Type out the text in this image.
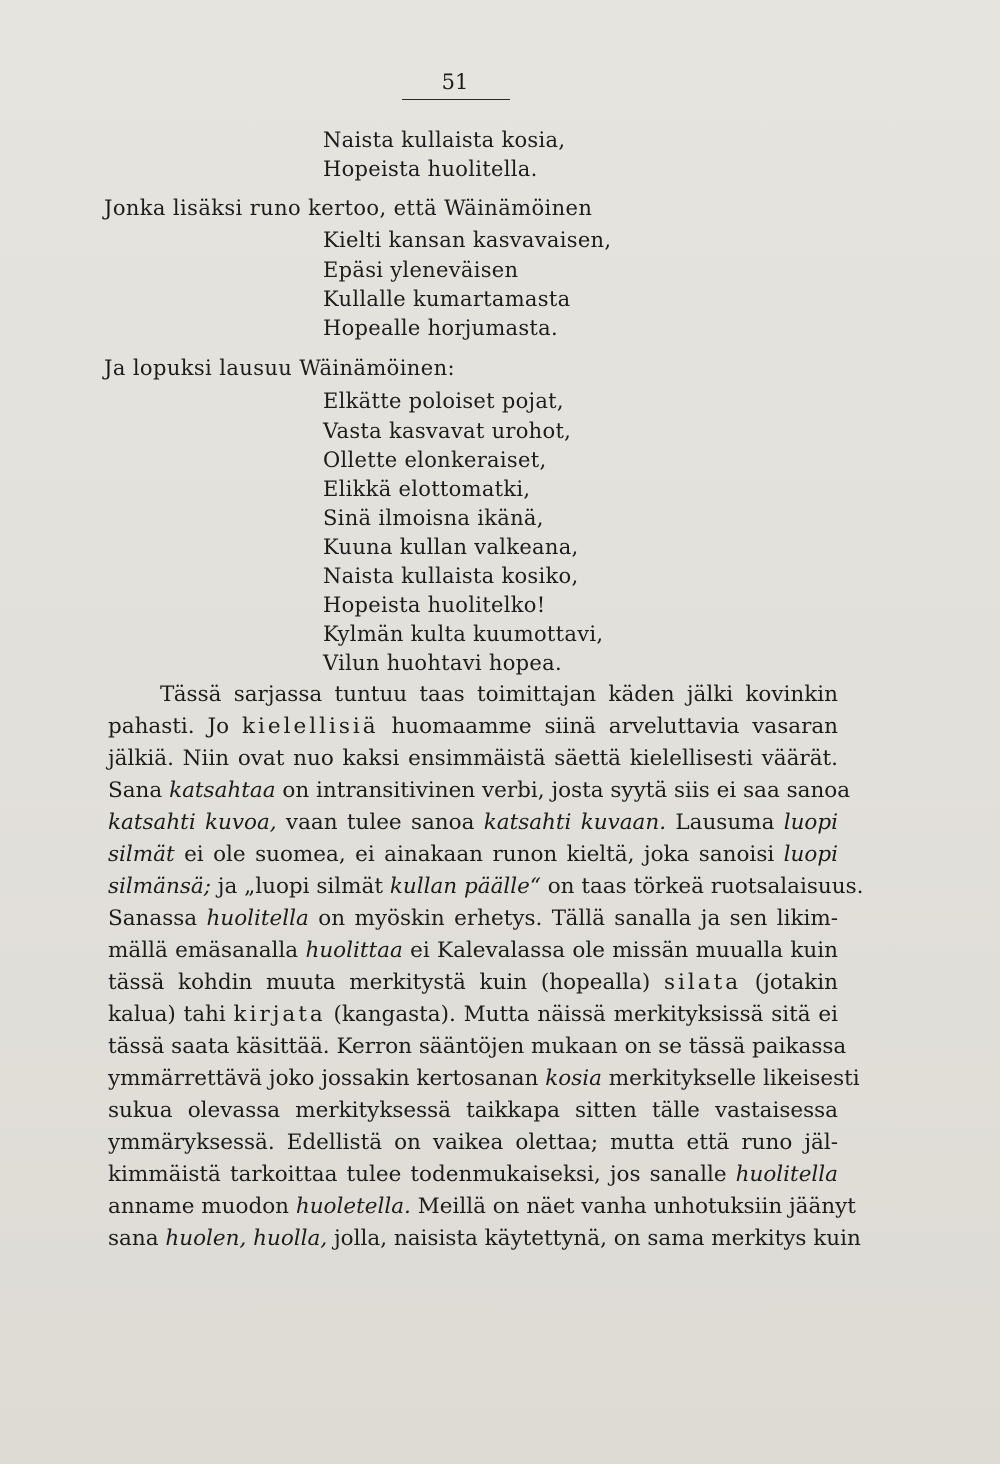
51
Naista kullaista kosia,
Hopeista huolitella.
Jonka lisäksi runo kertoo, että Wäinämöinen
Kielti kansan kasvavaisen,
Epäsi yleneväisen
Kullalle kumartamasta
Hopealle horjumasta.
Ja lopuksi lausuu Wäinämöinen:
Elkätte poloiset pojat,
Vasta kasvavat urohot,
Ollette elonkeraiset,
Elikkä elottomatki,
Sinä ilmoisna ikänä,
Kuuna kullan valkeana,
Naista kullaista kosiko,
Hopeista huolitelko!
Kylmän kulta kuumottavi,
Vilun huohtavi hopea.
Tässä sarjassa tuntuu taas toimittajan käden jälki kovinkin
pahasti. Jo kielellisiä huomaamme siinä arveluttavia vasaran
jälkiä. Niin ovat nuo kaksi ensimmäistä säettä kielellisesti väärät.
Sana katsahtaa on intransitivinen verbi, josta syytä siis ei saa sanoa
katsahti kuvoa, vaan tulee sanoa katsahti kuvaan. Lausuma luopi
silmät ei ole suomea, ei ainakaan runon kieltä, joka sanoisi luopi
silmänsä; ja „luopi silmät kullan päälle“ on taas törkeä ruotsalaisuus.
Sanassa huolitella on myöskin erhetys. Tällä sanalla ja sen likim-
mällä emäsanalla huolittaa ei Kalevalassa ole missän muualla kuin
tässä kohdin muuta merkitystä kuin (hopealla) silata (jotakin
kalua) tahi kirjata (kangasta). Mutta näissä merkityksissä sitä ei
tässä saata käsittää. Kerron sääntöjen mukaan on se tässä paikassa
ymmärrettävä joko jossakin kertosanan kosia merkitykselle likeisesti
sukua olevassa merkityksessä taikkapa sitten tälle vastaisessa
ymmäryksessä. Edellistä on vaikea olettaa; mutta että runo jäl-
kimmäistä tarkoittaa tulee todenmukaiseksi, jos sanalle huolitella
anname muodon huoletella. Meillä on näet vanha unhotuksiin jäänyt
sana huolen, huolla, jolla, naisista käytettynä, on sama merkitys kuin
